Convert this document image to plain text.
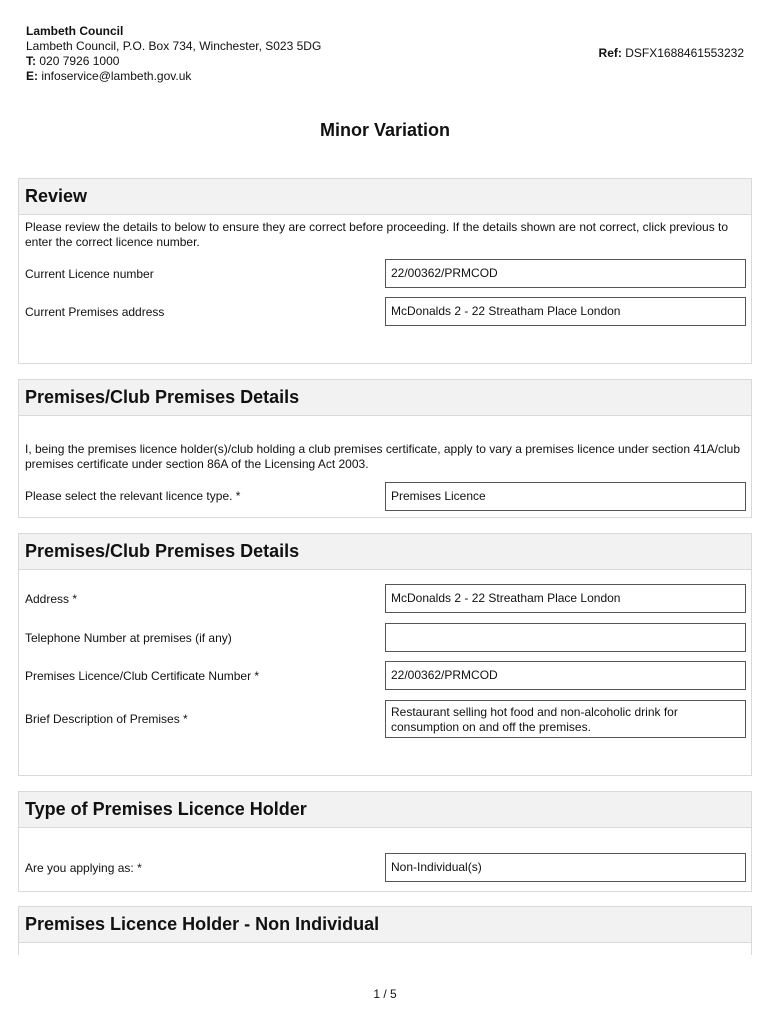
Lambeth Council
Lambeth Council, P.O. Box 734, Winchester, S023 5DG
T: 020 7926 1000
E: infoservice@lambeth.gov.uk
Ref: DSFX1688461553232
Minor Variation
Review
Please review the details to below to ensure they are correct before proceeding. If the details shown are not correct, click previous to enter the correct licence number.
Current Licence number	22/00362/PRMCOD
Current Premises address	McDonalds 2 - 22 Streatham Place London
Premises/Club Premises Details
I, being the premises licence holder(s)/club holding a club premises certificate, apply to vary a premises licence under section 41A/club premises certificate under section 86A of the Licensing Act 2003.
Please select the relevant licence type. *	Premises Licence
Premises/Club Premises Details
Address *	McDonalds 2 - 22 Streatham Place London
Telephone Number at premises (if any)
Premises Licence/Club Certificate Number *	22/00362/PRMCOD
Brief Description of Premises *	Restaurant selling hot food and non-alcoholic drink for consumption on and off the premises.
Type of Premises Licence Holder
Are you applying as: *	Non-Individual(s)
Premises Licence Holder - Non Individual
1 / 5
